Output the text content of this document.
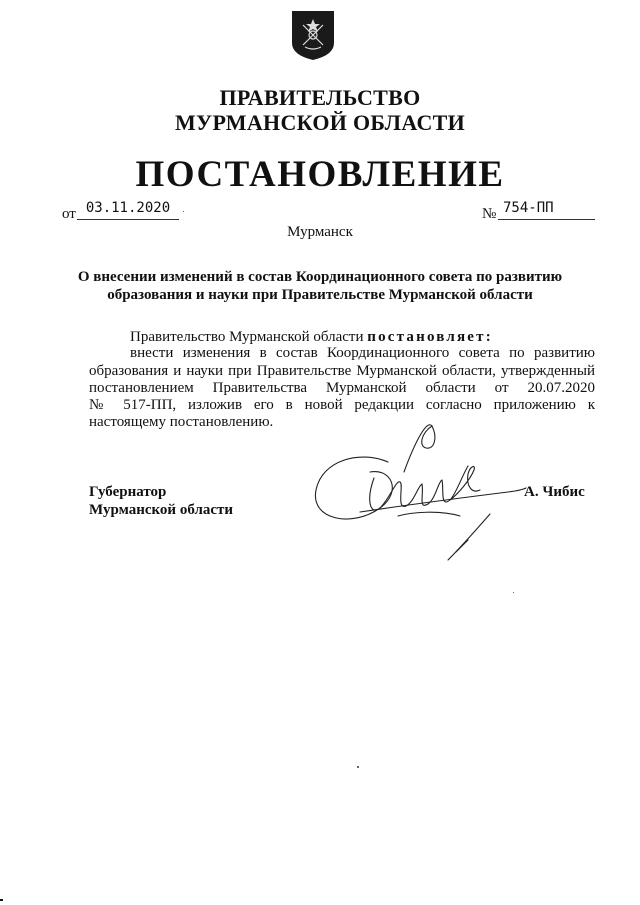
ПРАВИТЕЛЬСТВО
МУРМАНСКОЙ ОБЛАСТИ
ПОСТАНОВЛЕНИЕ
от 03.11.2020	№ 754-ПП
Мурманск
О внесении изменений в состав Координационного совета по развитию
образования и науки при Правительстве Мурманской области
Правительство Мурманской области постановляет:
внести изменения в состав Координационного совета по развитию
образования и науки при Правительстве Мурманской области, утвержденный
постановлением Правительства Мурманской области от 20.07.2020
№ 517-ПП, изложив его в новой редакции согласно приложению к
настоящему постановлению.
Губернатор
Мурманской области
А. Чибис
